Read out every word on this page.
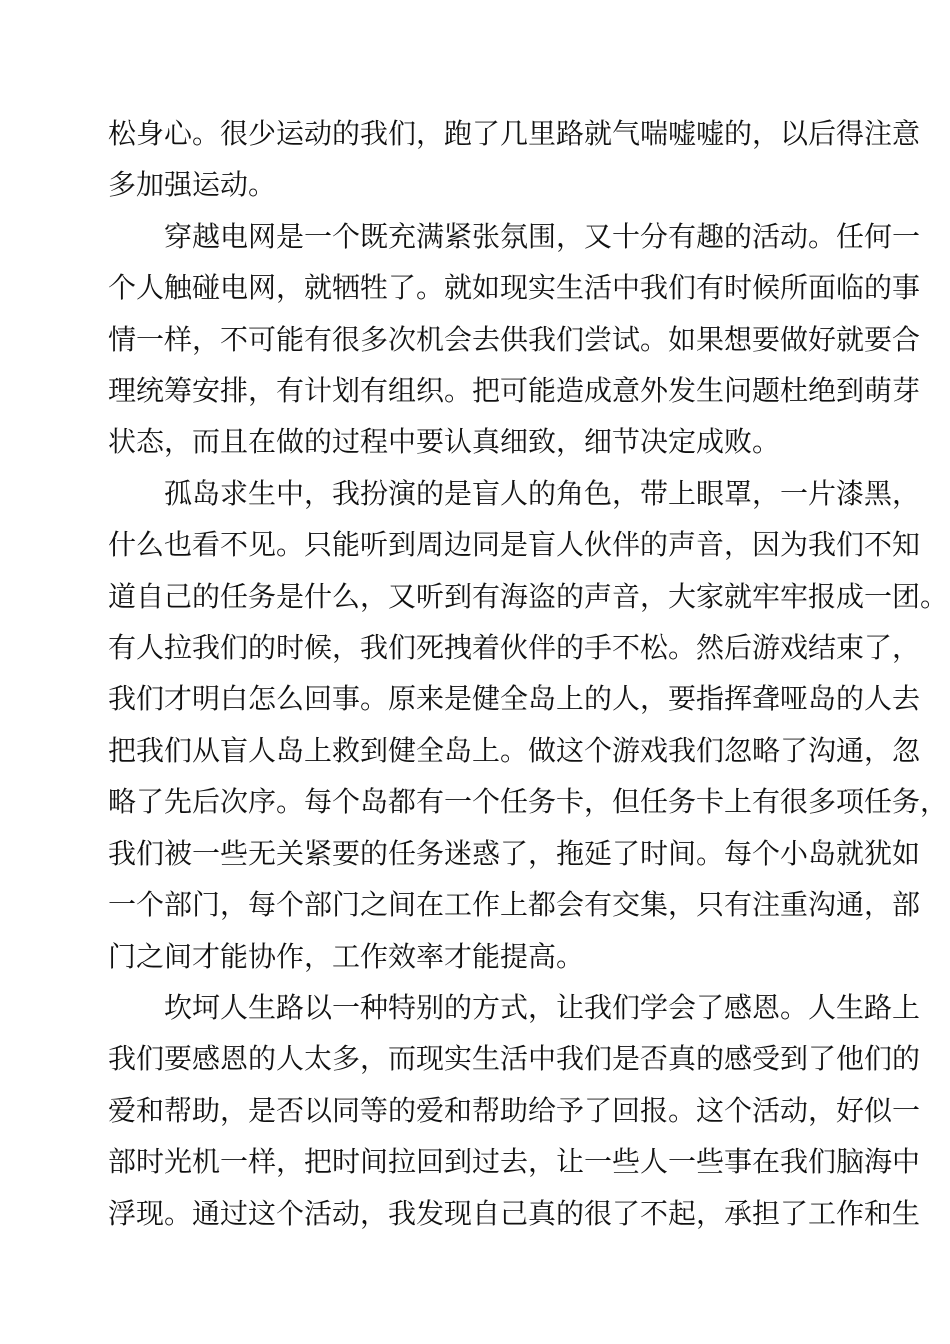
松身心。很少运动的我们，跑了几里路就气喘嘘嘘的，以后得注意
多加强运动。
穿越电网是一个既充满紧张氛围，又十分有趣的活动。任何一
个人触碰电网，就牺牲了。就如现实生活中我们有时候所面临的事
情一样，不可能有很多次机会去供我们尝试。如果想要做好就要合
理统筹安排，有计划有组织。把可能造成意外发生问题杜绝到萌芽
状态，而且在做的过程中要认真细致，细节决定成败。
孤岛求生中，我扮演的是盲人的角色，带上眼罩，一片漆黑，
什么也看不见。只能听到周边同是盲人伙伴的声音，因为我们不知
道自己的任务是什么，又听到有海盗的声音，大家就牢牢报成一团。
有人拉我们的时候，我们死拽着伙伴的手不松。然后游戏结束了，
我们才明白怎么回事。原来是健全岛上的人，要指挥聋哑岛的人去
把我们从盲人岛上救到健全岛上。做这个游戏我们忽略了沟通，忽
略了先后次序。每个岛都有一个任务卡，但任务卡上有很多项任务，
我们被一些无关紧要的任务迷惑了，拖延了时间。每个小岛就犹如
一个部门，每个部门之间在工作上都会有交集，只有注重沟通，部
门之间才能协作，工作效率才能提高。
坎坷人生路以一种特别的方式，让我们学会了感恩。人生路上
我们要感恩的人太多，而现实生活中我们是否真的感受到了他们的
爱和帮助，是否以同等的爱和帮助给予了回报。这个活动，好似一
部时光机一样，把时间拉回到过去，让一些人一些事在我们脑海中
浮现。通过这个活动，我发现自己真的很了不起，承担了工作和生
